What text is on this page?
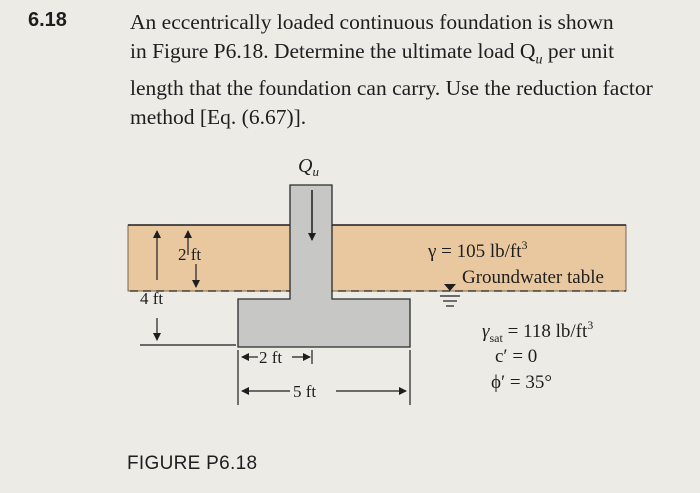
6.18	An eccentrically loaded continuous foundation is shown

in Figure P6.18. Determine the ultimate load $Q_u$ per unit

length that the foundation can carry. Use the reduction factor

method [Eq. (6.67)].

$Q_u$
2 ft
4 ft
2 ft
5 ft
γ = 105 $lb/ft^3$
Groundwater table
$\gamma_{sat} = 118$ $lb/ft^3$
c′ = 0
ϕ′ = 35°
FIGURE P6.18
